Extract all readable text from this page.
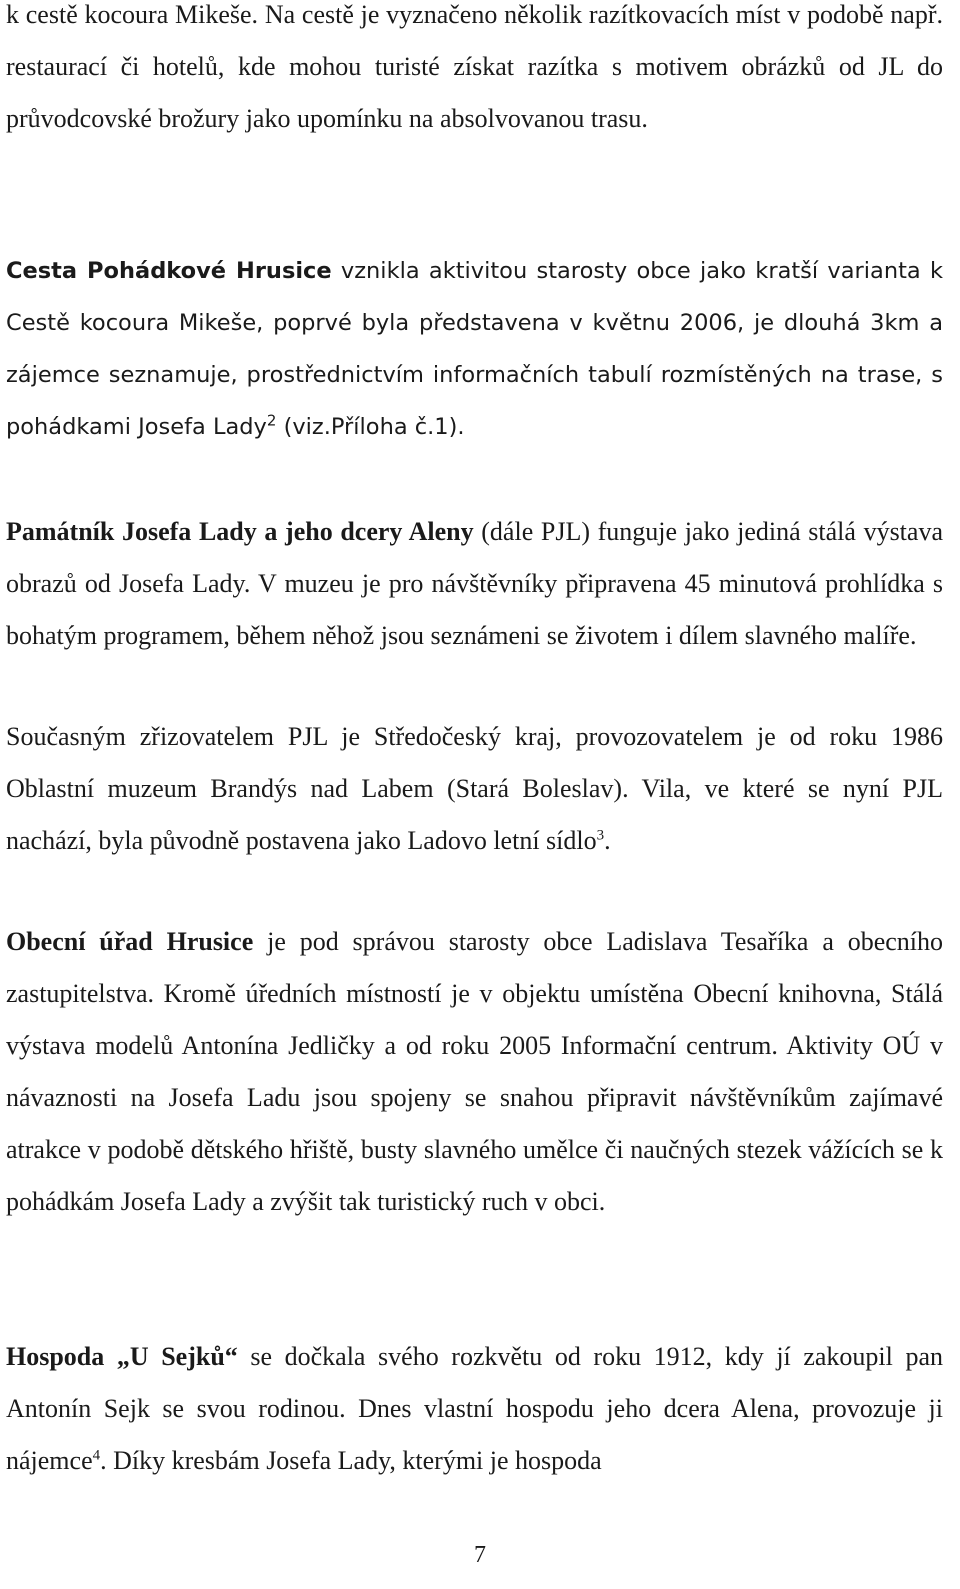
k cestě kocoura Mikeše. Na cestě je vyznačeno několik razítkovacích míst v podobě např. restaurací či hotelů, kde mohou turisté získat razítka s motivem obrázků od JL do průvodcovské brožury jako upomínku na absolvovanou trasu.

Cesta Pohádkové Hrusice vznikla aktivitou starosty obce jako kratší varianta k Cestě kocoura Mikeše, poprvé byla představena v květnu 2006, je dlouhá 3km a zájemce seznamuje, prostřednictvím informačních tabulí rozmístěných na trase, s pohádkami Josefa Lady$^2$ (viz.Příloha č.1).

Památník Josefa Lady a jeho dcery Aleny (dále PJL) funguje jako jediná stálá výstava obrazů od Josefa Lady. V muzeu je pro návštěvníky připravena 45 minutová prohlídka s bohatým programem, během něhož jsou seznámeni se životem i dílem slavného malíře.

Současným zřizovatelem PJL je Středočeský kraj, provozovatelem je od roku 1986 Oblastní muzeum Brandýs nad Labem (Stará Boleslav). Vila, ve které se nyní PJL nachází, byla původně postavena jako Ladovo letní sídlo$^3$.

Obecní úřad Hrusice je pod správou starosty obce Ladislava Tesaříka a obecního zastupitelstva. Kromě úředních místností je v objektu umístěna Obecní knihovna, Stálá výstava modelů Antonína Jedličky a od roku 2005 Informační centrum. Aktivity OÚ v návaznosti na Josefa Ladu jsou spojeny se snahou připravit návštěvníkům zajímavé atrakce v podobě dětského hřiště, busty slavného umělce či naučných stezek vážících se k pohádkám Josefa Lady a zvýšit tak turistický ruch v obci.

Hospoda „U Sejků“ se dočkala svého rozkvětu od roku 1912, kdy jí zakoupil pan Antonín Sejk se svou rodinou. Dnes vlastní hospodu jeho dcera Alena, provozuje ji nájemce$^4$. Díky kresbám Josefa Lady, kterými je hospoda

7
